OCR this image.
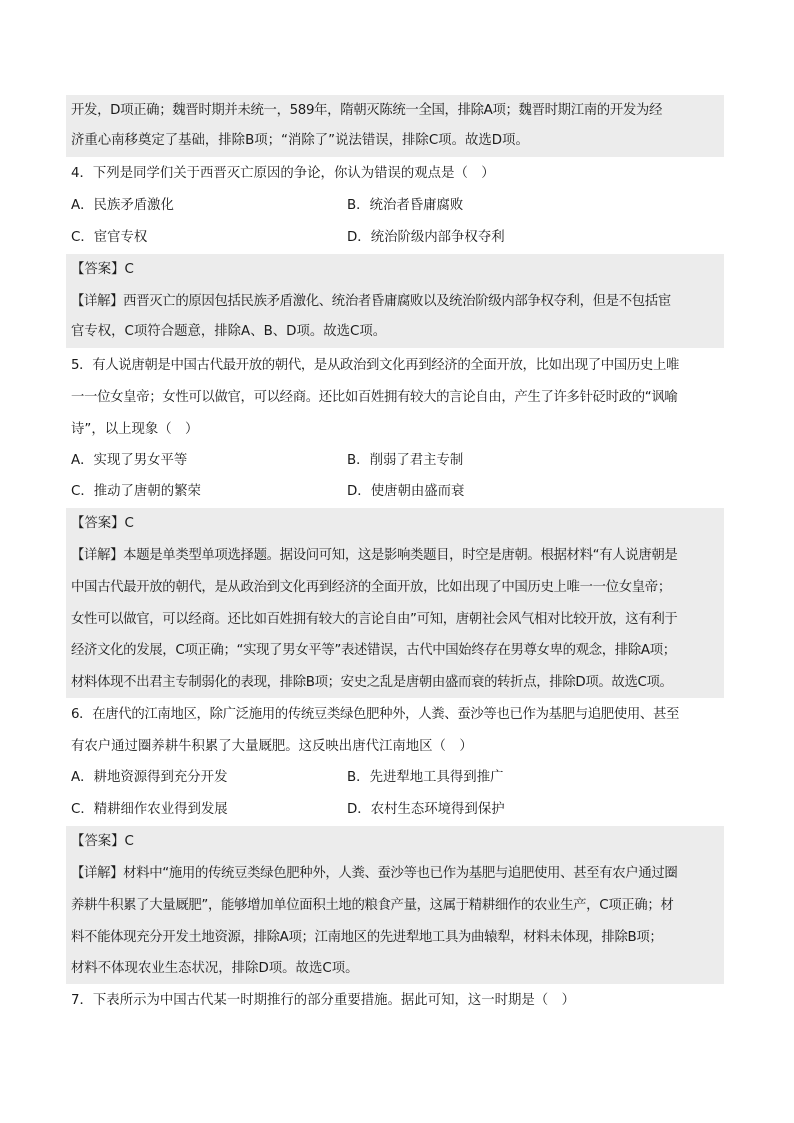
开发，D项正确；魏晋时期并未统一，589年，隋朝灭陈统一全国，排除A项；魏晋时期江南的开发为经
济重心南移奠定了基础，排除B项；“消除了”说法错误，排除C项。故选D项。
4．下列是同学们关于西晋灭亡原因的争论，你认为错误的观点是（　）
A．民族矛盾激化	B．统治者昏庸腐败
C．宦官专权	D．统治阶级内部争权夺利
【答案】C
【详解】西晋灭亡的原因包括民族矛盾激化、统治者昏庸腐败以及统治阶级内部争权夺利，但是不包括宦
官专权，C项符合题意，排除A、B、D项。故选C项。
5．有人说唐朝是中国古代最开放的朝代，是从政治到文化再到经济的全面开放，比如出现了中国历史上唯
一一位女皇帝；女性可以做官，可以经商。还比如百姓拥有较大的言论自由，产生了许多针砭时政的“讽喻
诗”，以上现象（　）
A．实现了男女平等	B．削弱了君主专制
C．推动了唐朝的繁荣	D．使唐朝由盛而衰
【答案】C
【详解】本题是单类型单项选择题。据设问可知，这是影响类题目，时空是唐朝。根据材料“有人说唐朝是
中国古代最开放的朝代，是从政治到文化再到经济的全面开放，比如出现了中国历史上唯一一位女皇帝；
女性可以做官，可以经商。还比如百姓拥有较大的言论自由”可知，唐朝社会风气相对比较开放，这有利于
经济文化的发展，C项正确；“实现了男女平等”表述错误，古代中国始终存在男尊女卑的观念，排除A项；
材料体现不出君主专制弱化的表现，排除B项；安史之乱是唐朝由盛而衰的转折点，排除D项。故选C项。
6．在唐代的江南地区，除广泛施用的传统豆类绿色肥种外，人粪、蚕沙等也已作为基肥与追肥使用、甚至
有农户通过圈养耕牛积累了大量厩肥。这反映出唐代江南地区（　）
A．耕地资源得到充分开发	B．先进犁地工具得到推广
C．精耕细作农业得到发展	D．农村生态环境得到保护
【答案】C
【详解】材料中“施用的传统豆类绿色肥种外，人粪、蚕沙等也已作为基肥与追肥使用、甚至有农户通过圈
养耕牛积累了大量厩肥”，能够增加单位面积土地的粮食产量，这属于精耕细作的农业生产，C项正确；材
料不能体现充分开发土地资源，排除A项；江南地区的先进犁地工具为曲辕犁，材料未体现，排除B项；
材料不体现农业生态状况，排除D项。故选C项。
7．下表所示为中国古代某一时期推行的部分重要措施。据此可知，这一时期是（　）
